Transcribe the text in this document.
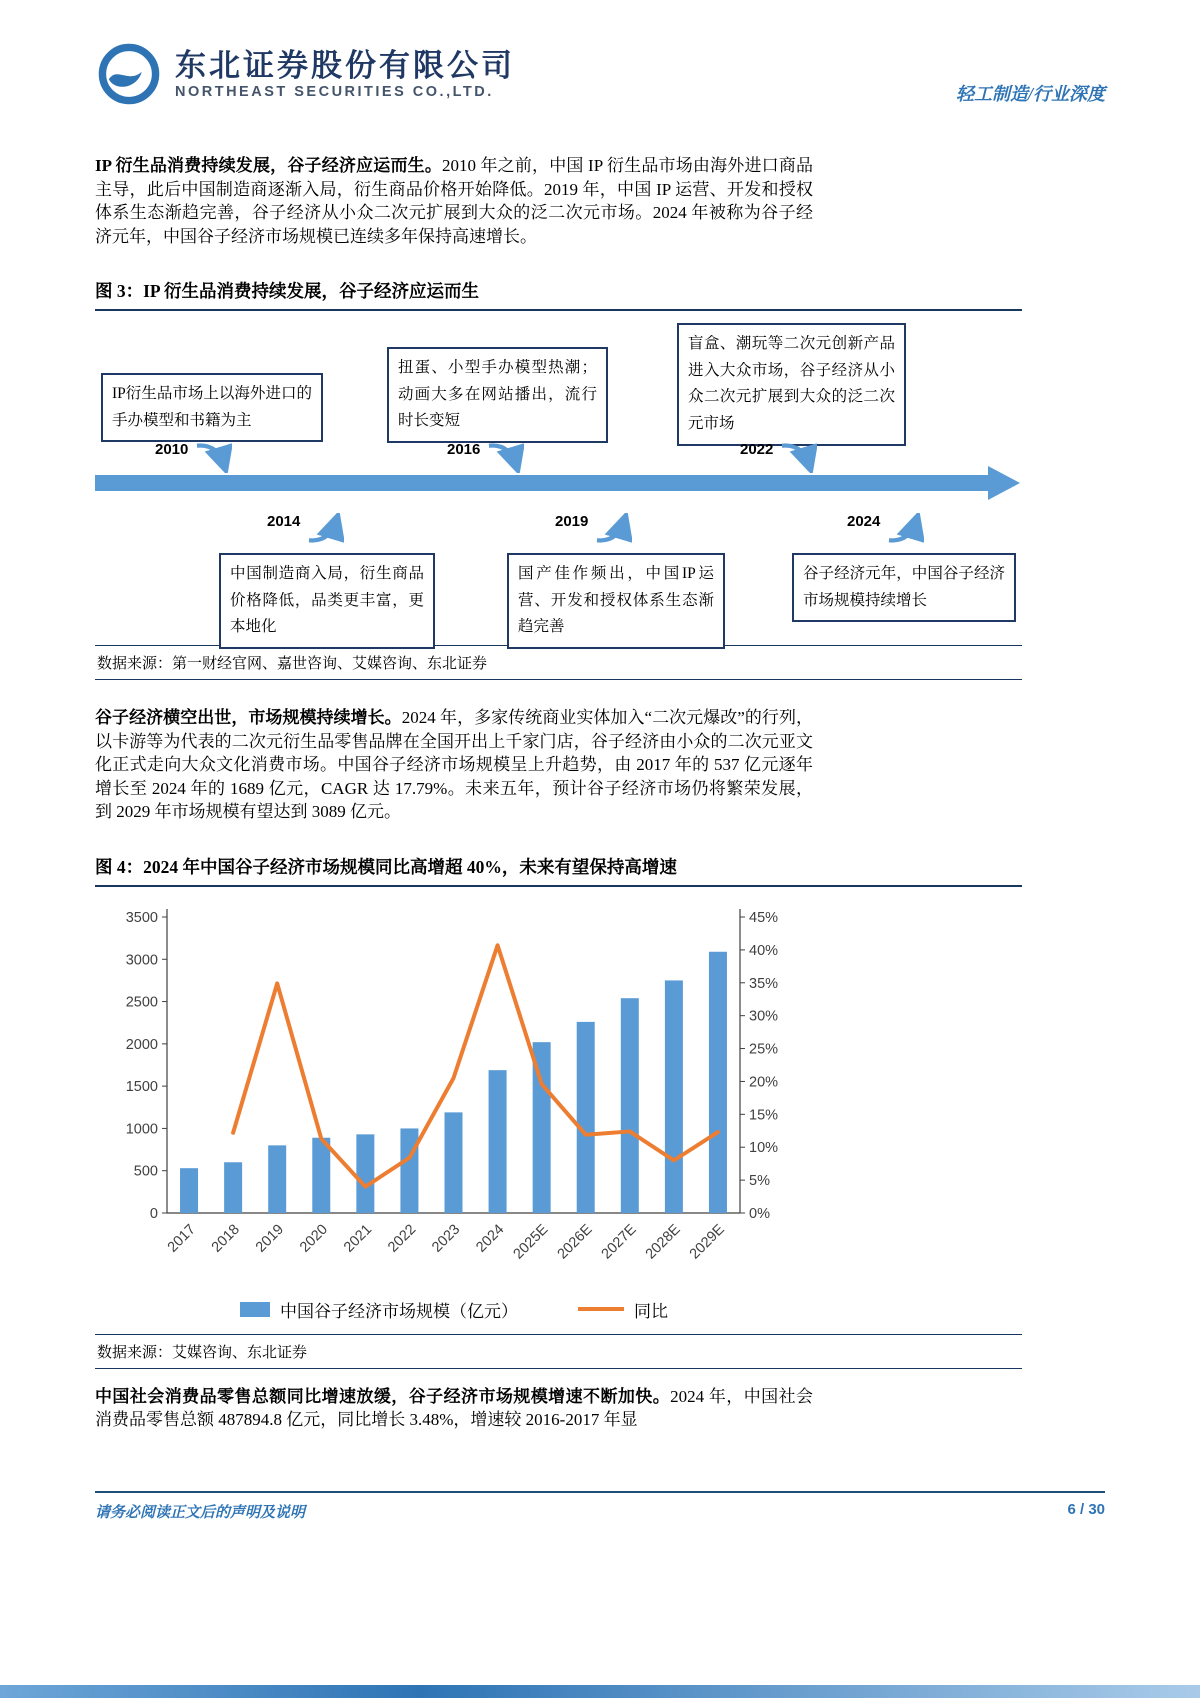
东北证券股份有限公司
NORTHEAST SECURITIES CO.,LTD.	轻工制造/行业深度

IP 衍生品消费持续发展，谷子经济应运而生。2010 年之前，中国 IP 衍生品市场由海外进口商品主导，此后中国制造商逐渐入局，衍生商品价格开始降低。2019 年，中国 IP 运营、开发和授权体系生态渐趋完善，谷子经济从小众二次元扩展到大众的泛二次元市场。2024 年被称为谷子经济元年，中国谷子经济市场规模已连续多年保持高速增长。

图 3：IP 衍生品消费持续发展，谷子经济应运而生
IP衍生品市场上以海外进口的手办模型和书籍为主
扭蛋、小型手办模型热潮；动画大多在网站播出，流行时长变短
盲盒、潮玩等二次元创新产品进入大众市场，谷子经济从小众二次元扩展到大众的泛二次元市场
2010	2016	2022
2014	2019	2024
中国制造商入局，衍生商品价格降低，品类更丰富，更本地化
国产佳作频出，中国IP运营、开发和授权体系生态渐趋完善
谷子经济元年，中国谷子经济市场规模持续增长
数据来源：第一财经官网、嘉世咨询、艾媒咨询、东北证券

谷子经济横空出世，市场规模持续增长。2024 年，多家传统商业实体加入“二次元爆改”的行列，以卡游等为代表的二次元衍生品零售品牌在全国开出上千家门店，谷子经济由小众的二次元亚文化正式走向大众文化消费市场。中国谷子经济市场规模呈上升趋势，由 2017 年的 537 亿元逐年增长至 2024 年的 1689 亿元，CAGR 达 17.79%。未来五年，预计谷子经济市场仍将繁荣发展，到 2029 年市场规模有望达到 3089 亿元。

图 4：2024 年中国谷子经济市场规模同比高增超 40%，未来有望保持高增速
0
500
1000
1500
2000
2500
3000
3500
0%
5%
10%
15%
20%
25%
30%
35%
40%
45%
2017 2018 2019 2020 2021 2022 2023 2024 2025E 2026E 2027E 2028E 2029E
中国谷子经济市场规模（亿元）	同比
数据来源：艾媒咨询、东北证券

中国社会消费品零售总额同比增速放缓，谷子经济市场规模增速不断加快。2024 年，中国社会消费品零售总额 487894.8 亿元，同比增长 3.48%，增速较 2016-2017 年显

请务必阅读正文后的声明及说明	6 / 30
